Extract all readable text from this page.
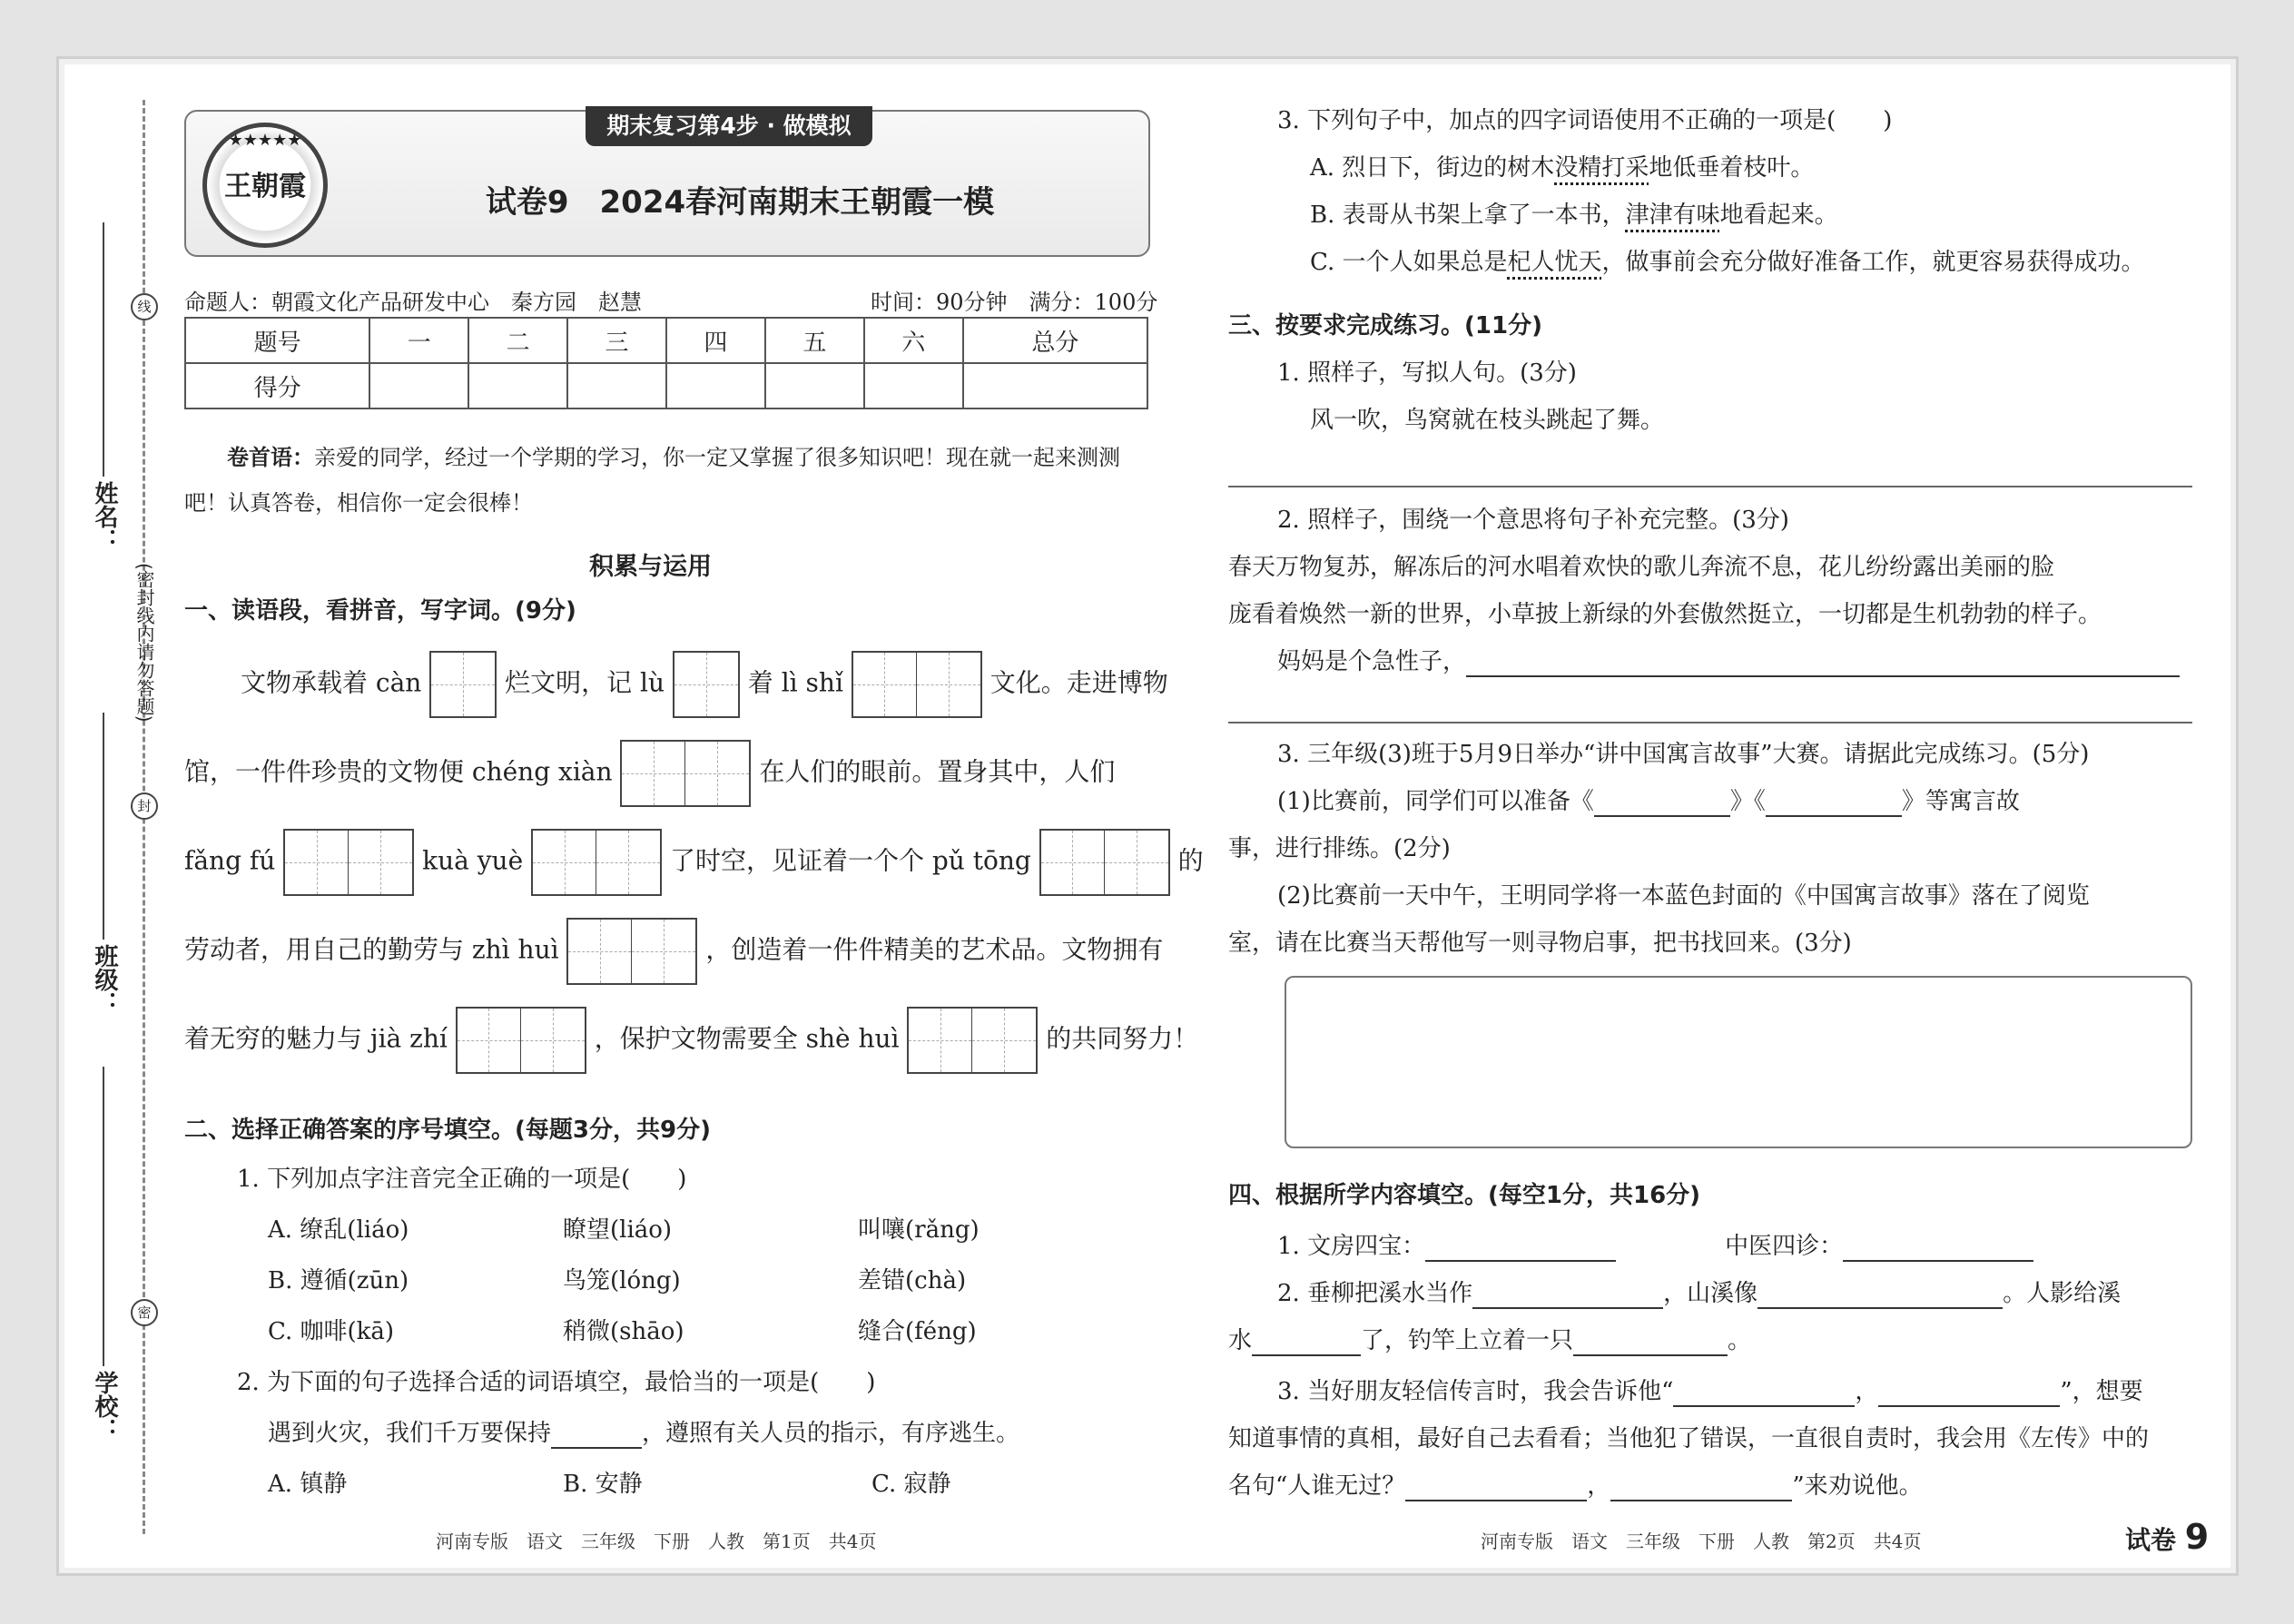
线
封
密
(密封线内请勿答题)
姓名：
班级：
学校：
期末复习第4步 · 做模拟
★★★★★
王朝霞	试卷9　2024春河南期末王朝霞一模
命题人：朝霞文化产品研发中心　秦方园　赵慧	时间：90分钟　满分：100分
题号	一	二	三	四	五	六	总分
得分							
卷首语：亲爱的同学，经过一个学期的学习，你一定又掌握了很多知识吧！现在就一起来测测
吧！认真答卷，相信你一定会很棒！
积累与运用
一、读语段，看拼音，写字词。(9分)
文物承载着 càn	烂文明，记 lù	着 lì shǐ	文化。走进博物
馆，一件件珍贵的文物便 chéng xiàn	在人们的眼前。置身其中，人们
fǎng fú	kuà yuè	了时空，见证着一个个 pǔ tōng	的
劳动者，用自己的勤劳与 zhì huì	，创造着一件件精美的艺术品。文物拥有
着无穷的魅力与 jià zhí	，保护文物需要全 shè huì	的共同努力！
二、选择正确答案的序号填空。(每题3分，共9分)
1. 下列加点字注音完全正确的一项是(　　)
A. 缭乱(liáo)	瞭望(liáo)	叫嚷(rǎng)
B. 遵循(zūn)	鸟笼(lóng)	差错(chà)
C. 咖啡(kā)	稍微(shāo)	缝合(féng)
2. 为下面的句子选择合适的词语填空，最恰当的一项是(　　)
遇到火灾，我们千万要保持	，遵照有关人员的指示，有序逃生。
A. 镇静	B. 安静	C. 寂静
河南专版　语文　三年级　下册　人教　第1页　共4页
3. 下列句子中，加点的四字词语使用不正确的一项是(　　)
A. 烈日下，街边的树木没精打采地低垂着枝叶。
B. 表哥从书架上拿了一本书，津津有味地看起来。
C. 一个人如果总是杞人忧天，做事前会充分做好准备工作，就更容易获得成功。
三、按要求完成练习。(11分)
1. 照样子，写拟人句。(3分)
风一吹，鸟窝就在枝头跳起了舞。
2. 照样子，围绕一个意思将句子补充完整。(3分)
春天万物复苏，解冻后的河水唱着欢快的歌儿奔流不息，花儿纷纷露出美丽的脸
庞看着焕然一新的世界，小草披上新绿的外套傲然挺立，一切都是生机勃勃的样子。
妈妈是个急性子，
3. 三年级(3)班于5月9日举办“讲中国寓言故事”大赛。请据此完成练习。(5分)
(1)比赛前，同学们可以准备《	》《	》等寓言故
事，进行排练。(2分)
(2)比赛前一天中午，王明同学将一本蓝色封面的《中国寓言故事》落在了阅览
室，请在比赛当天帮他写一则寻物启事，把书找回来。(3分)
四、根据所学内容填空。(每空1分，共16分)
1. 文房四宝：	中医四诊：
2. 垂柳把溪水当作	，山溪像	。人影给溪
水	了，钓竿上立着一只	。
3. 当好朋友轻信传言时，我会告诉他“	，	”，想要
知道事情的真相，最好自己去看看；当他犯了错误，一直很自责时，我会用《左传》中的
名句“人谁无过？	，	”来劝说他。
河南专版　语文　三年级　下册　人教　第2页　共4页	试卷 9
